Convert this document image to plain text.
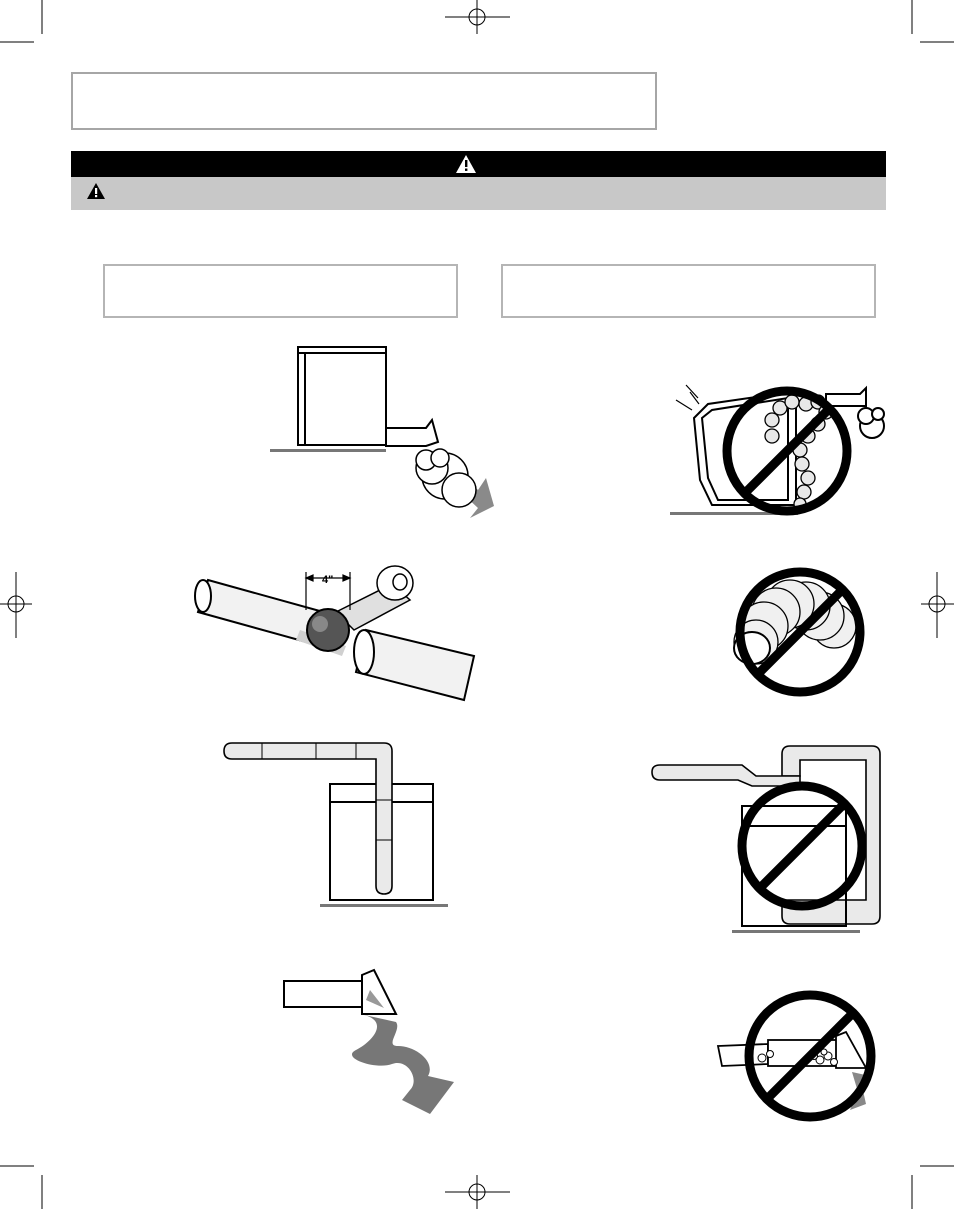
4"
